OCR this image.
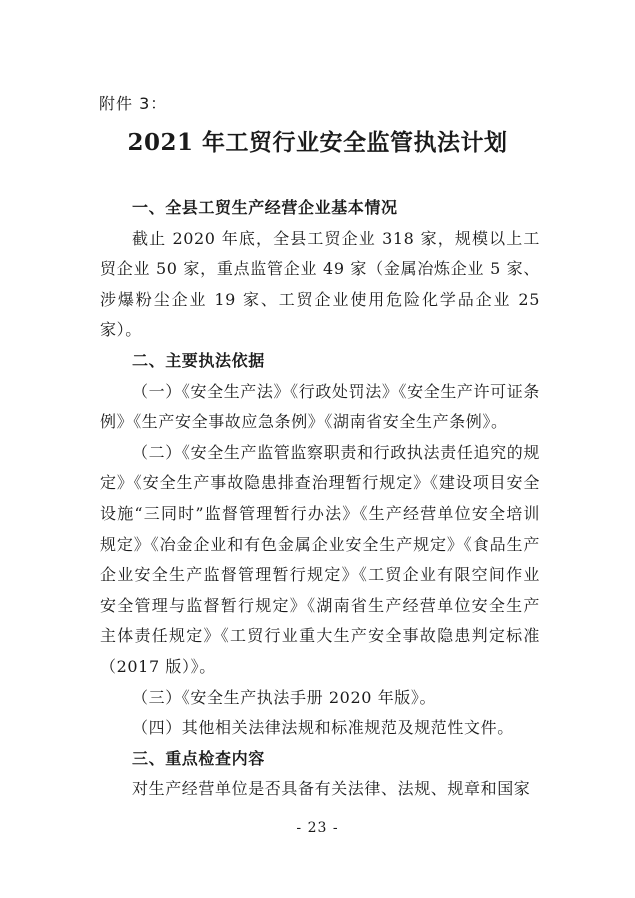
附件 3：
2021 年工贸行业安全监管执法计划

一、全县工贸生产经营企业基本情况

截止 2020 年底，全县工贸企业 318 家，规模以上工贸企业 50 家，重点监管企业 49 家（金属冶炼企业 5 家、涉爆粉尘企业 19 家、工贸企业使用危险化学品企业 25 家）。

二、主要执法依据

（一）《安全生产法》《行政处罚法》《安全生产许可证条例》《生产安全事故应急条例》《湖南省安全生产条例》。

（二）《安全生产监管监察职责和行政执法责任追究的规定》《安全生产事故隐患排查治理暂行规定》《建设项目安全设施“三同时”监督管理暂行办法》《生产经营单位安全培训规定》《冶金企业和有色金属企业安全生产规定》《食品生产企业安全生产监督管理暂行规定》《工贸企业有限空间作业安全管理与监督暂行规定》《湖南省生产经营单位安全生产主体责任规定》《工贸行业重大生产安全事故隐患判定标准（2017 版）》。

（三）《安全生产执法手册 2020 年版》。

（四）其他相关法律法规和标准规范及规范性文件。

三、重点检查内容

对生产经营单位是否具备有关法律、法规、规章和国家

- 23 -
